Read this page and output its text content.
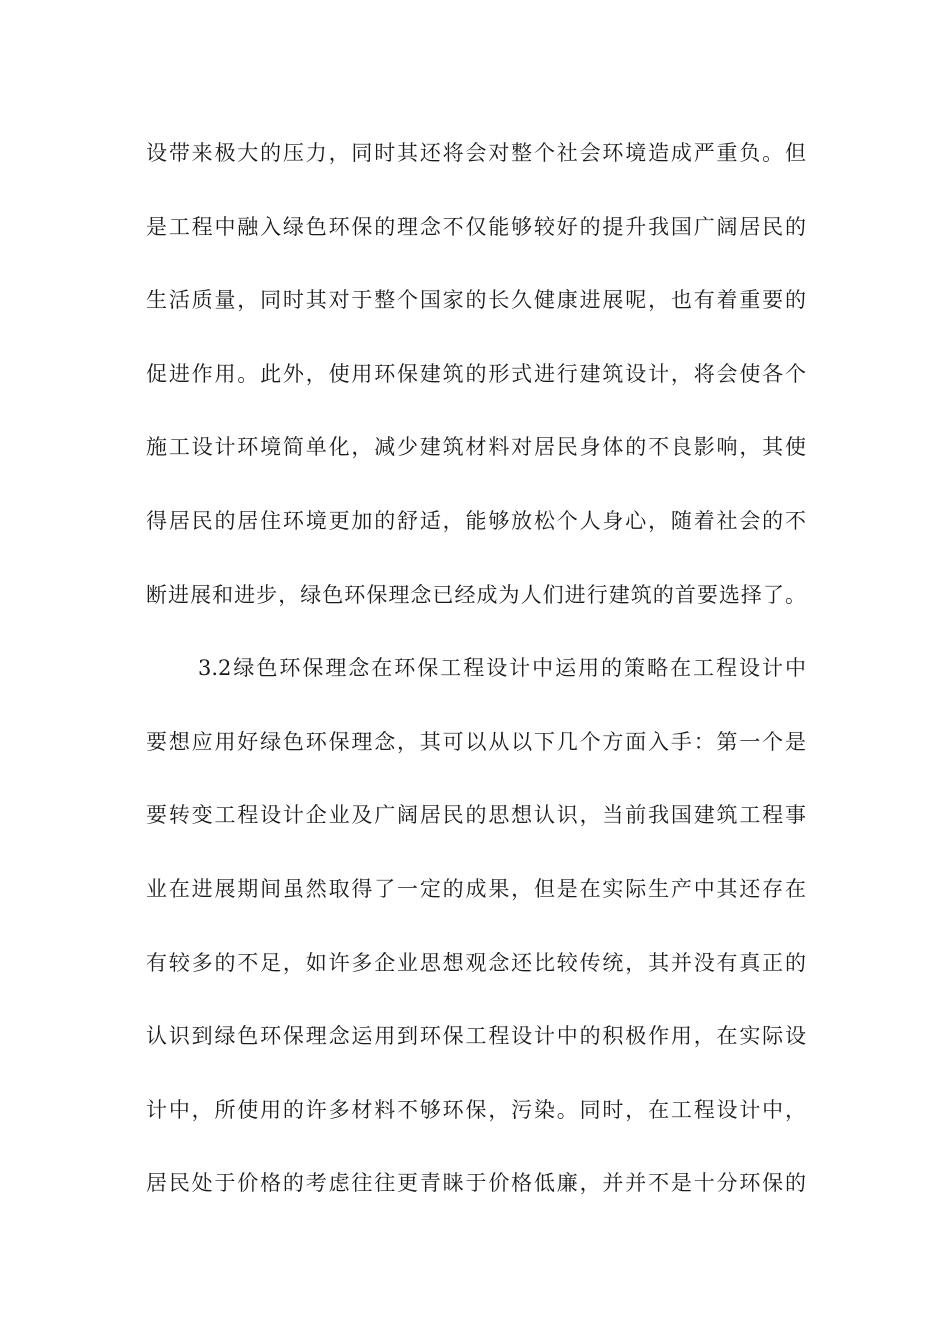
设带来极大的压力，同时其还将会对整个社会环境造成严重负。但
是工程中融入绿色环保的理念不仅能够较好的提升我国广阔居民的
生活质量，同时其对于整个国家的长久健康进展呢，也有着重要的
促进作用。此外，使用环保建筑的形式进行建筑设计，将会使各个
施工设计环境简单化，减少建筑材料对居民身体的不良影响，其使
得居民的居住环境更加的舒适，能够放松个人身心，随着社会的不
断进展和进步，绿色环保理念已经成为人们进行建筑的首要选择了。
3.2绿色环保理念在环保工程设计中运用的策略在工程设计中
要想应用好绿色环保理念，其可以从以下几个方面入手：第一个是
要转变工程设计企业及广阔居民的思想认识，当前我国建筑工程事
业在进展期间虽然取得了一定的成果，但是在实际生产中其还存在
有较多的不足，如许多企业思想观念还比较传统，其并没有真正的
认识到绿色环保理念运用到环保工程设计中的积极作用，在实际设
计中，所使用的许多材料不够环保，污染。同时，在工程设计中，
居民处于价格的考虑往往更青睐于价格低廉，并并不是十分环保的
